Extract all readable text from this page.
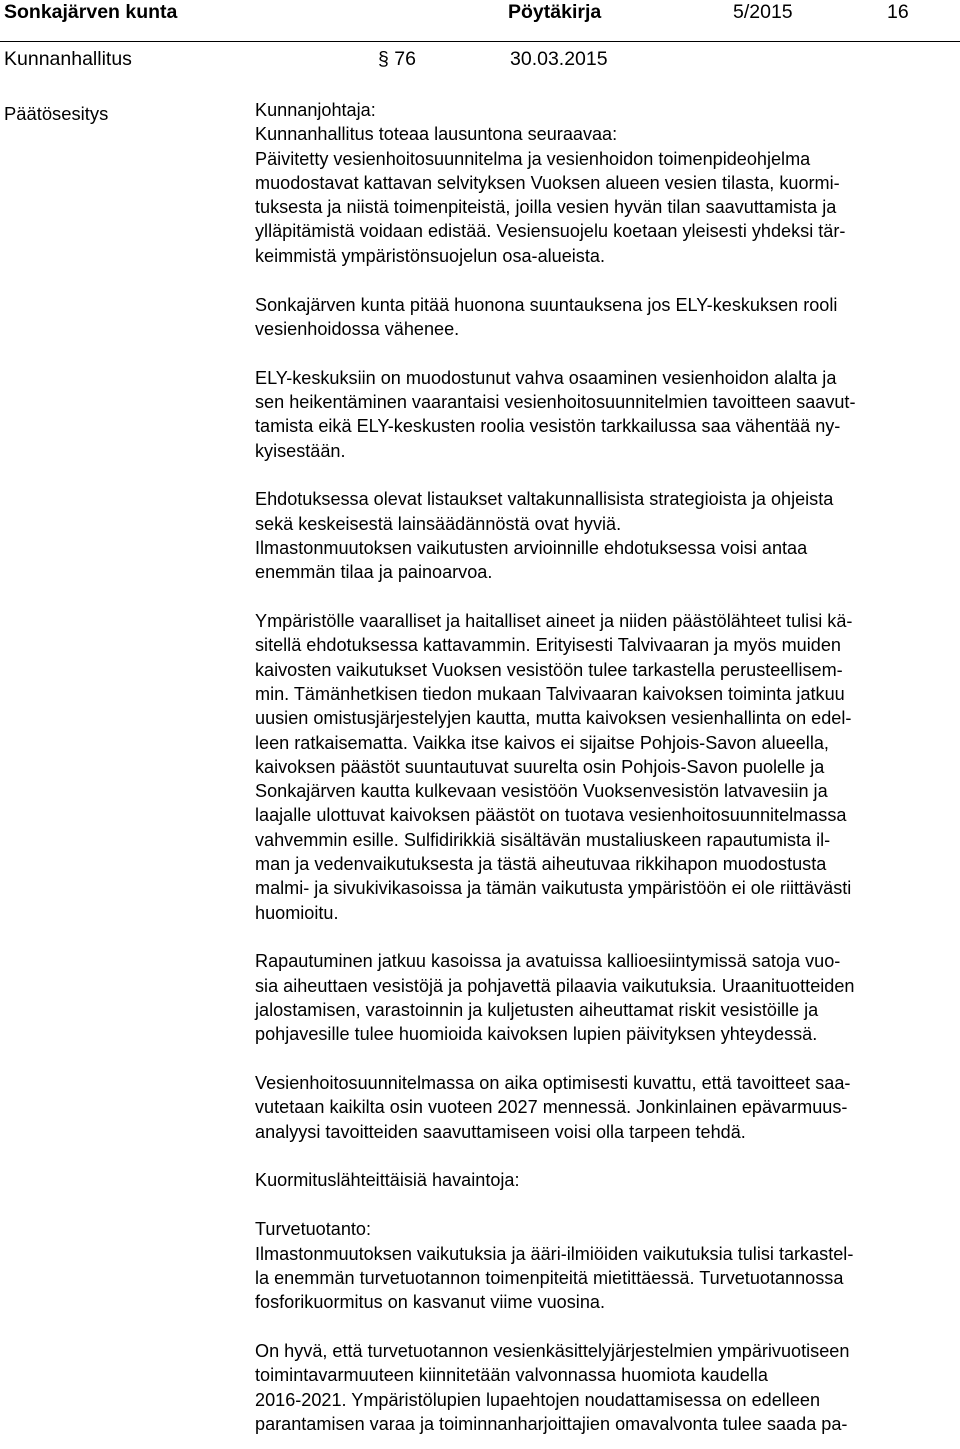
Sonkajärven kunta	Pöytäkirja	5/2015	16
Kunnanhallitus	§ 76	30.03.2015
Päätösesitys	Kunnanjohtaja:
Kunnanhallitus toteaa lausuntona seuraavaa:
Päivitetty vesienhoitosuunnitelma ja vesienhoidon toimenpideohjelma
muodostavat kattavan selvityksen Vuoksen alueen vesien tilasta, kuormi-
tuksesta ja niistä toimenpiteistä, joilla vesien hyvän tilan saavuttamista ja
ylläpitämistä voidaan edistää. Vesiensuojelu koetaan yleisesti yhdeksi tär-
keimmistä ympäristönsuojelun osa-alueista.
Sonkajärven kunta pitää huonona suuntauksena jos ELY-keskuksen rooli
vesienhoidossa vähenee.
ELY-keskuksiin on muodostunut vahva osaaminen vesienhoidon alalta ja
sen heikentäminen vaarantaisi vesienhoitosuunnitelmien tavoitteen saavut-
tamista eikä ELY-keskusten roolia vesistön tarkkailussa saa vähentää ny-
kyisestään.
Ehdotuksessa olevat listaukset valtakunnallisista strategioista ja ohjeista
sekä keskeisestä lainsäädännöstä ovat hyviä.
Ilmastonmuutoksen vaikutusten arvioinnille ehdotuksessa voisi antaa
enemmän tilaa ja painoarvoa.
Ympäristölle vaaralliset ja haitalliset aineet ja niiden päästölähteet tulisi kä-
sitellä ehdotuksessa kattavammin. Erityisesti Talvivaaran ja myös muiden
kaivosten vaikutukset Vuoksen vesistöön tulee tarkastella perusteellisem-
min. Tämänhetkisen tiedon mukaan Talvivaaran kaivoksen toiminta jatkuu
uusien omistusjärjestelyjen kautta, mutta kaivoksen vesienhallinta on edel-
leen ratkaisematta. Vaikka itse kaivos ei sijaitse Pohjois-Savon alueella,
kaivoksen päästöt suuntautuvat suurelta osin Pohjois-Savon puolelle ja
Sonkajärven kautta kulkevaan vesistöön Vuoksenvesistön latvavesiin ja
laajalle ulottuvat kaivoksen päästöt on tuotava vesienhoitosuunnitelmassa
vahvemmin esille. Sulfidirikkiä sisältävän mustaliuskeen rapautumista il-
man ja vedenvaikutuksesta ja tästä aiheutuvaa rikkihapon muodostusta
malmi- ja sivukivikasoissa ja tämän vaikutusta ympäristöön ei ole riittävästi
huomioitu.
Rapautuminen jatkuu kasoissa ja avatuissa kallioesiintymissä satoja vuo-
sia aiheuttaen vesistöjä ja pohjavettä pilaavia vaikutuksia. Uraanituotteiden
jalostamisen, varastoinnin ja kuljetusten aiheuttamat riskit vesistöille ja
pohjavesille tulee huomioida kaivoksen lupien päivityksen yhteydessä.
Vesienhoitosuunnitelmassa on aika optimisesti kuvattu, että tavoitteet saa-
vutetaan kaikilta osin vuoteen 2027 mennessä. Jonkinlainen epävarmuus-
analyysi tavoitteiden saavuttamiseen voisi olla tarpeen tehdä.
Kuormituslähteittäisiä havaintoja:
Turvetuotanto:
Ilmastonmuutoksen vaikutuksia ja ääri-ilmiöiden vaikutuksia tulisi tarkastel-
la enemmän turvetuotannon toimenpiteitä mietittäessä. Turvetuotannossa
fosforikuormitus on kasvanut viime vuosina.
On hyvä, että turvetuotannon vesienkäsittelyjärjestelmien ympärivuotiseen
toimintavarmuuteen kiinnitetään valvonnassa huomiota kaudella
2016-2021. Ympäristölupien lupaehtojen noudattamisessa on edelleen
parantamisen varaa ja toiminnanharjoittajien omavalvonta tulee saada pa-
